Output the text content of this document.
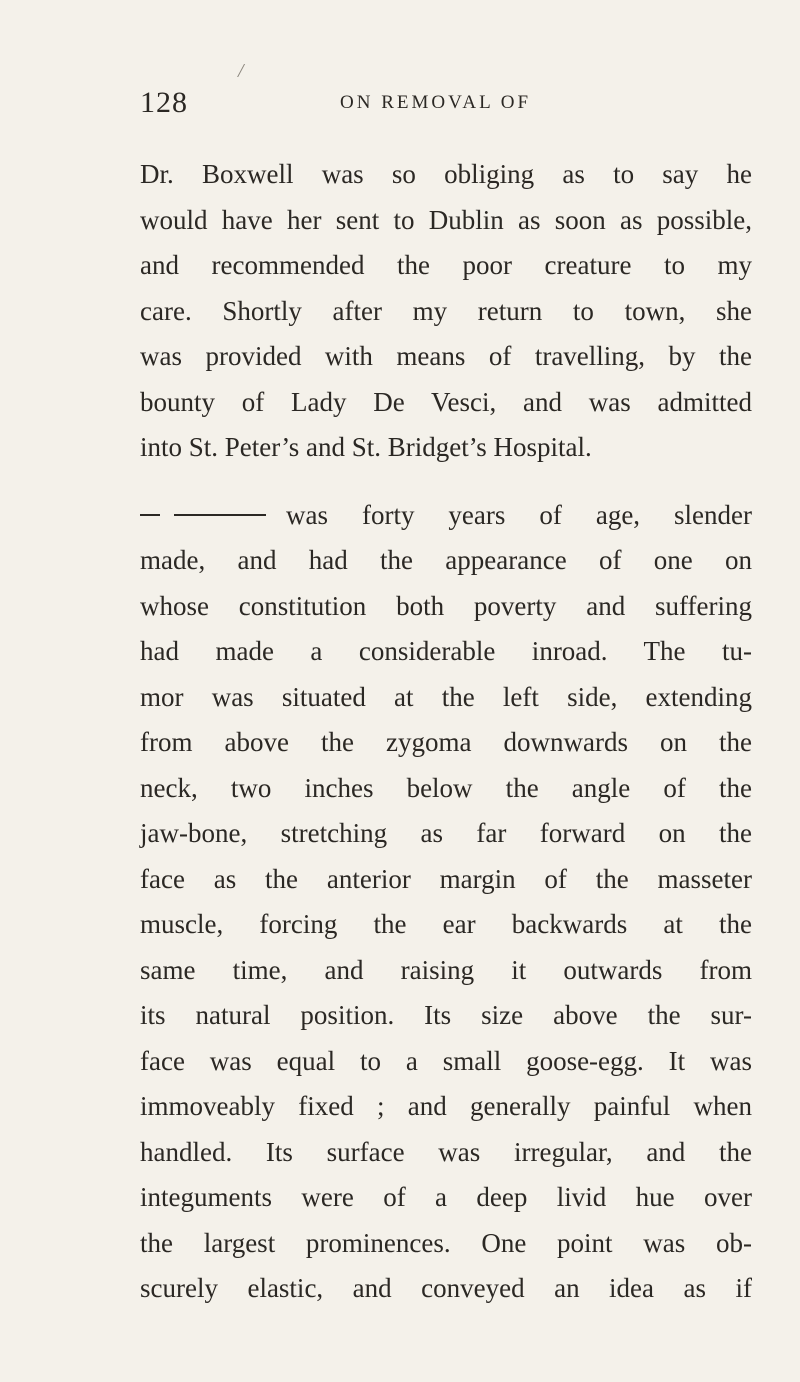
/
128	ON REMOVAL OF
Dr. Boxwell was so obliging as to say he
would have her sent to Dublin as soon as possible,
and recommended the poor creature to my
care. Shortly after my return to town, she
was provided with means of travelling, by the
bounty of Lady De Vesci, and was admitted
into St. Peter’s and St. Bridget’s Hospital.
was forty years of age, slender
made, and had the appearance of one on
whose constitution both poverty and suffering
had made a considerable inroad. The tu-
mor was situated at the left side, extending
from above the zygoma downwards on the
neck, two inches below the angle of the
jaw-bone, stretching as far forward on the
face as the anterior margin of the masseter
muscle, forcing the ear backwards at the
same time, and raising it outwards from
its natural position. Its size above the sur-
face was equal to a small goose-egg. It was
immoveably fixed ; and generally painful when
handled. Its surface was irregular, and the
integuments were of a deep livid hue over
the largest prominences. One point was ob-
scurely elastic, and conveyed an idea as if
